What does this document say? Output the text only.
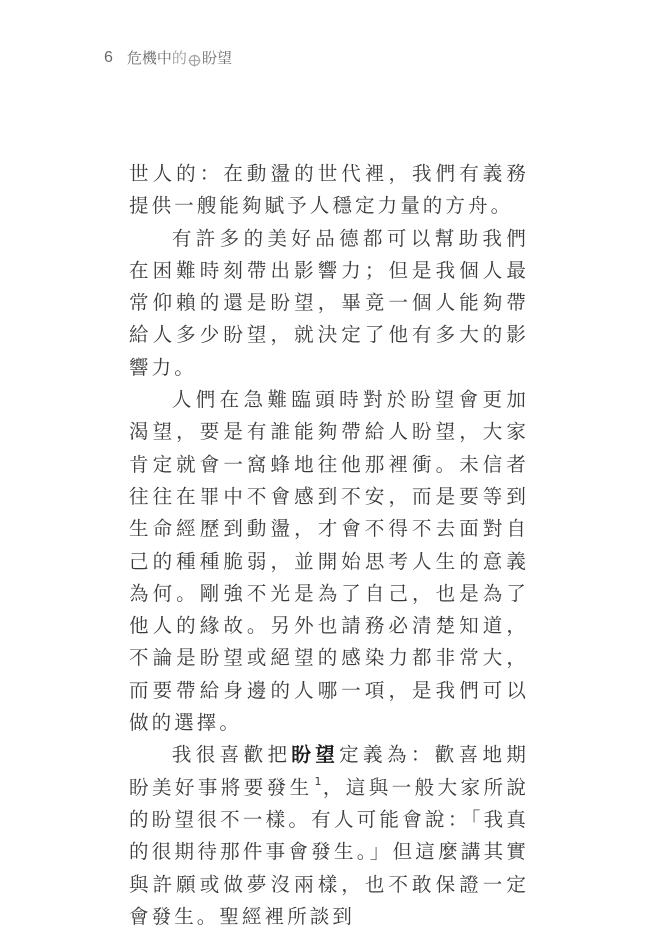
6 危機中 的 盼望

世人的：在動盪的世代裡，我們有義務提供一艘能夠賦予人穩定力量的方舟。

有許多的美好品德都可以幫助我們在困難時刻帶出影響力；但是我個人最常仰賴的還是盼望，畢竟一個人能夠帶給人多少盼望，就決定了他有多大的影響力。

人們在急難臨頭時對於盼望會更加渴望，要是有誰能夠帶給人盼望，大家肯定就會一窩蜂地往他那裡衝。未信者往往在罪中不會感到不安，而是要等到生命經歷到動盪，才會不得不去面對自己的種種脆弱，並開始思考人生的意義為何。剛強不光是為了自己，也是為了他人的緣故。另外也請務必清楚知道，不論是盼望或絕望的感染力都非常大，而要帶給身邊的人哪一項，是我們可以做的選擇。

我很喜歡把盼望定義為：歡喜地期盼美好事將要發生 $^1$，這與一般大家所說的盼望很不一樣。有人可能會說：「我真的很期待那件事會發生。」但這麼講其實與許願或做夢沒兩樣，也不敢保證一定會發生。聖經裡所談到
